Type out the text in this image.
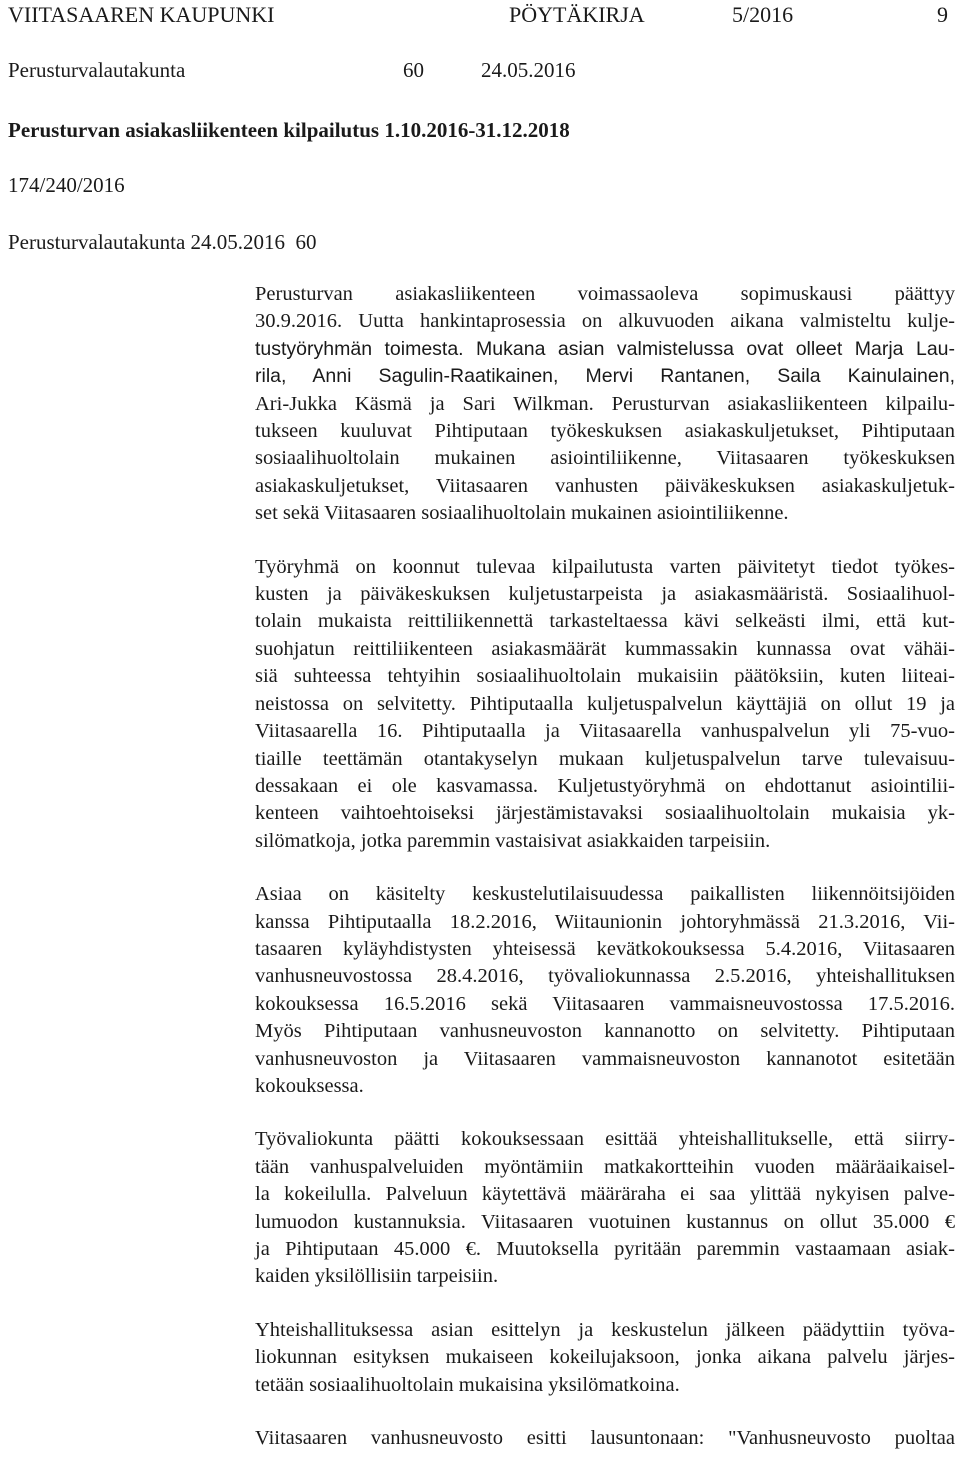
VIITASAAREN KAUPUNKI	PÖYTÄKIRJA	5/2016	9
Perusturvalautakunta	60	24.05.2016
Perusturvan asiakasliikenteen kilpailutus 1.10.2016-31.12.2018
174/240/2016
Perusturvalautakunta 24.05.2016 60
Perusturvan asiakasliikenteen voimassaoleva sopimuskausi päättyy
30.9.2016. Uutta hankintaprosessia on alkuvuoden aikana valmisteltu kulje-
tustyöryhmän toimesta. Mukana asian valmistelussa ovat olleet Marja Lau-
rila, Anni Sagulin-Raatikainen, Mervi Rantanen, Saila Kainulainen,
Ari-Jukka Käsmä ja Sari Wilkman. Perusturvan asiakasliikenteen kilpailu-
tukseen kuuluvat Pihtiputaan työkeskuksen asiakaskuljetukset, Pihtiputaan
sosiaalihuoltolain mukainen asiointiliikenne, Viitasaaren työkeskuksen
asiakaskuljetukset, Viitasaaren vanhusten päiväkeskuksen asiakaskuljetuk-
set sekä Viitasaaren sosiaalihuoltolain mukainen asiointiliikenne.
Työryhmä on koonnut tulevaa kilpailutusta varten päivitetyt tiedot työkes-
kusten ja päiväkeskuksen kuljetustarpeista ja asiakasmääristä. Sosiaalihuol-
tolain mukaista reittiliikennettä tarkasteltaessa kävi selkeästi ilmi, että kut-
suohjatun reittiliikenteen asiakasmäärät kummassakin kunnassa ovat vähäi-
siä suhteessa tehtyihin sosiaalihuoltolain mukaisiin päätöksiin, kuten liiteai-
neistossa on selvitetty. Pihtiputaalla kuljetuspalvelun käyttäjiä on ollut 19 ja
Viitasaarella 16. Pihtiputaalla ja Viitasaarella vanhuspalvelun yli 75-vuo-
tiaille teettämän otantakyselyn mukaan kuljetuspalvelun tarve tulevaisuu-
dessakaan ei ole kasvamassa. Kuljetustyöryhmä on ehdottanut asiointilii-
kenteen vaihtoehtoiseksi järjestämistavaksi sosiaalihuoltolain mukaisia yk-
silömatkoja, jotka paremmin vastaisivat asiakkaiden tarpeisiin.
Asiaa on käsitelty keskustelutilaisuudessa paikallisten liikennöitsijöiden
kanssa Pihtiputaalla 18.2.2016, Wiitaunionin johtoryhmässä 21.3.2016, Vii-
tasaaren kyläyhdistysten yhteisessä kevätkokouksessa 5.4.2016, Viitasaaren
vanhusneuvostossa 28.4.2016, työvaliokunnassa 2.5.2016, yhteishallituksen
kokouksessa 16.5.2016 sekä Viitasaaren vammaisneuvostossa 17.5.2016.
Myös Pihtiputaan vanhusneuvoston kannanotto on selvitetty. Pihtiputaan
vanhusneuvoston ja Viitasaaren vammaisneuvoston kannanotot esitetään
kokouksessa.
Työvaliokunta päätti kokouksessaan esittää yhteishallitukselle, että siirry-
tään vanhuspalveluiden myöntämiin matkakortteihin vuoden määräaikaisel-
la kokeilulla. Palveluun käytettävä määräraha ei saa ylittää nykyisen palve-
lumuodon kustannuksia. Viitasaaren vuotuinen kustannus on ollut 35.000 €
ja Pihtiputaan 45.000 €. Muutoksella pyritään paremmin vastaamaan asiak-
kaiden yksilöllisiin tarpeisiin.
Yhteishallituksessa asian esittelyn ja keskustelun jälkeen päädyttiin työva-
liokunnan esityksen mukaiseen kokeilujaksoon, jonka aikana palvelu järjes-
tetään sosiaalihuoltolain mukaisina yksilömatkoina.
Viitasaaren vanhusneuvosto esitti lausuntonaan: "Vanhusneuvosto puoltaa
